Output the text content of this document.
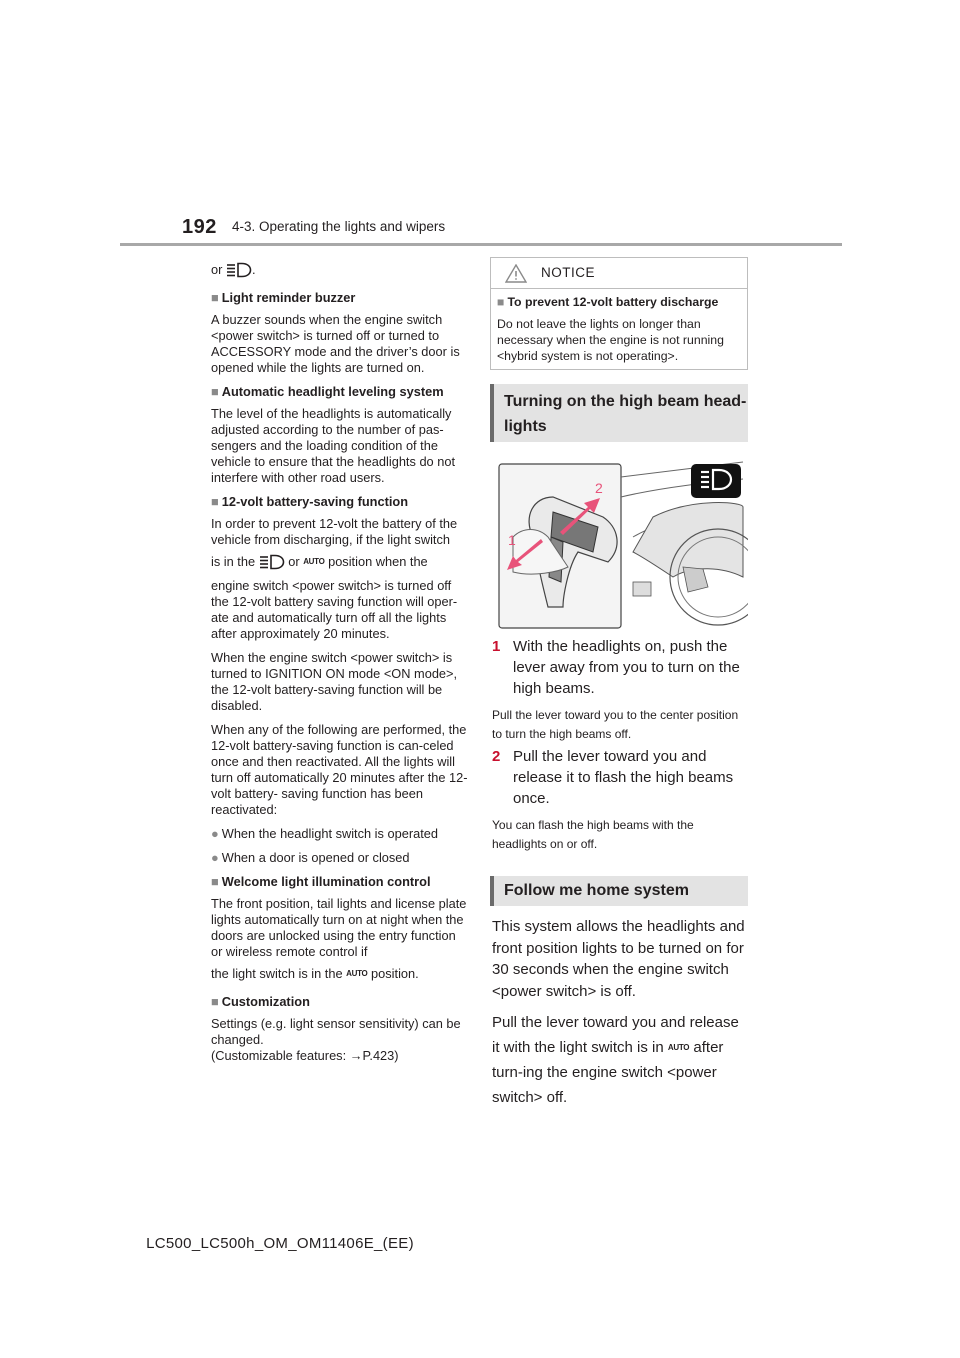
192 4-3. Operating the lights and wipers

or .

■ Light reminder buzzer

A buzzer sounds when the engine switch <power switch> is turned off or turned to ACCESSORY mode and the driver’s door is opened while the lights are turned on.

■ Automatic headlight leveling system

The level of the headlights is automatically adjusted according to the number of pas-sengers and the loading condition of the vehicle to ensure that the headlights do not interfere with other road users.

■ 12-volt battery-saving function

In order to prevent 12-volt the battery of the vehicle from discharging, if the light switch

is in the	or AUTO position when the

engine switch <power switch> is turned off the 12-volt battery saving function will oper-ate and automatically turn off all the lights after approximately 20 minutes.

When the engine switch <power switch> is turned to IGNITION ON mode <ON mode>, the 12-volt battery-saving function will be disabled.

When any of the following are performed, the 12-volt battery-saving function is can-celed once and then reactivated. All the lights will turn off automatically 20 minutes after the 12-volt battery- saving function has been reactivated:

● When the headlight switch is operated

● When a door is opened or closed

■ Welcome light illumination control

The front position, tail lights and license plate lights automatically turn on at night when the doors are unlocked using the entry function or wireless remote control if

the light switch is in the AUTO position.

■ Customization

Settings (e.g. light sensor sensitivity) can be changed.

(Customizable features: →P.423)

NOTICE
■ To prevent 12-volt battery discharge
Do not leave the lights on longer than necessary when the engine is not running <hybrid system is not operating>.
Turning on the high beam head-lights
2
1
1 With the headlights on, push the lever away from you to turn on the high beams.
Pull the lever toward you to the center position to turn the high beams off.
2 Pull the lever toward you and release it to flash the high beams once.
You can flash the high beams with the headlights on or off.
Follow me home system
This system allows the headlights and front position lights to be turned on for 30 seconds when the engine switch <power switch> is off.
Pull the lever toward you and release it with the light switch is in AUTO after turn-ing the engine switch <power switch> off.
LC500_LC500h_OM_OM11406E_(EE)
